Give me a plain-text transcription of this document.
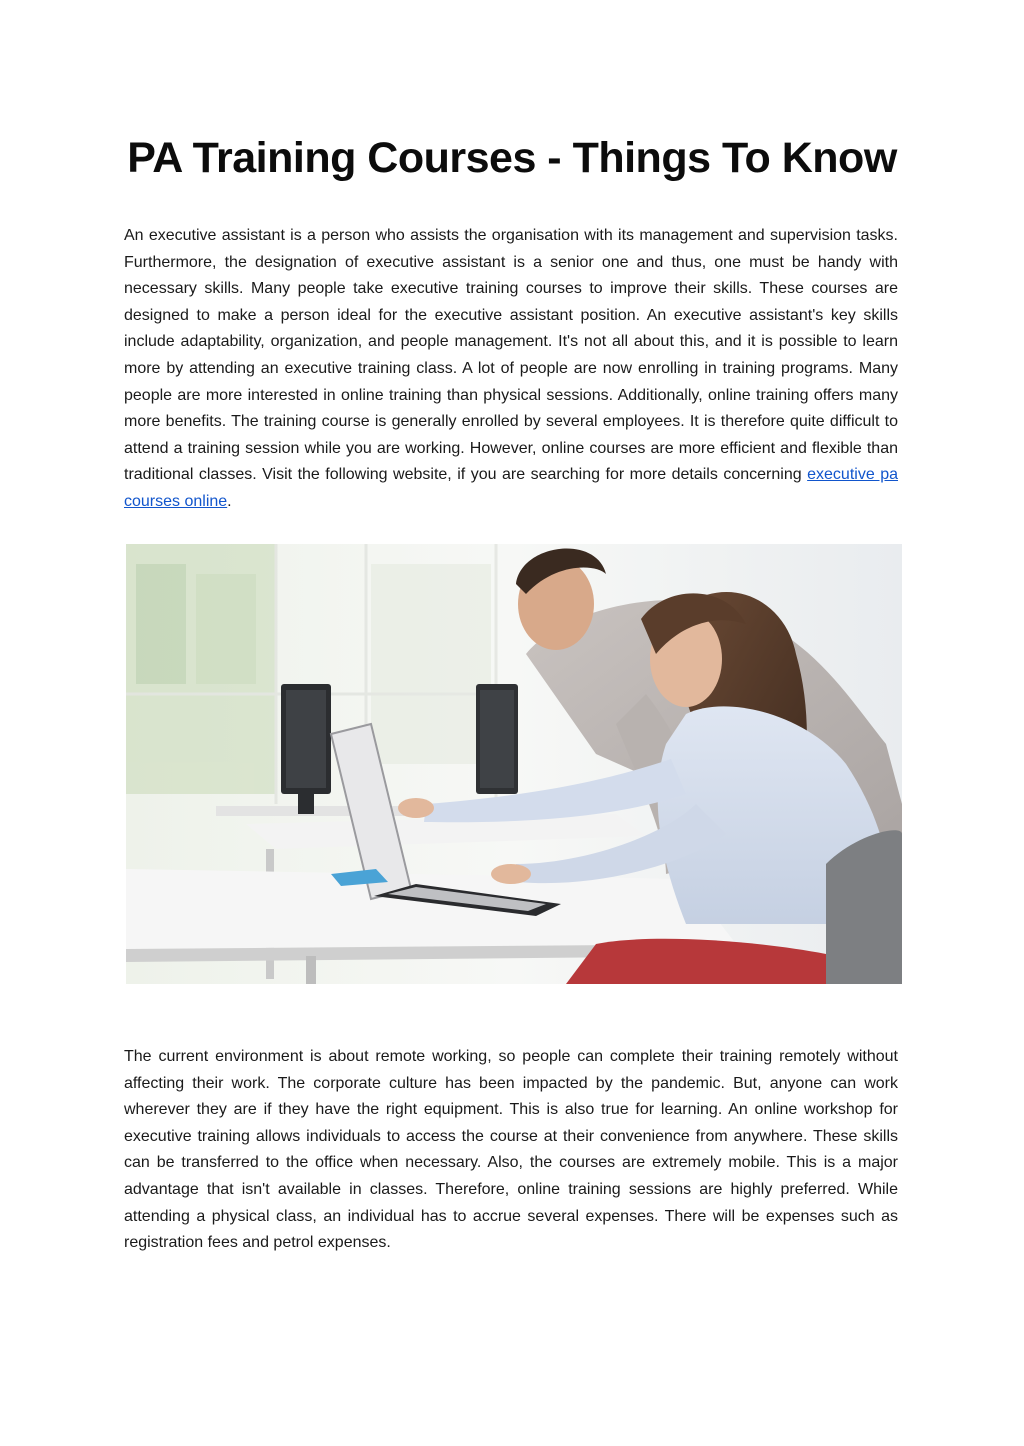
PA Training Courses - Things To Know

An executive assistant is a person who assists the organisation with its management and supervision tasks. Furthermore, the designation of executive assistant is a senior one and thus, one must be handy with necessary skills. Many people take executive training courses to improve their skills. These courses are designed to make a person ideal for the executive assistant position. An executive assistant's key skills include adaptability, organization, and people management. It's not all about this, and it is possible to learn more by attending an executive training class. A lot of people are now enrolling in training programs. Many people are more interested in online training than physical sessions. Additionally, online training offers many more benefits. The training course is generally enrolled by several employees. It is therefore quite difficult to attend a training session while you are working. However, online courses are more efficient and flexible than traditional classes. Visit the following website, if you are searching for more details concerning executive pa courses online.

The current environment is about remote working, so people can complete their training remotely without affecting their work. The corporate culture has been impacted by the pandemic. But, anyone can work wherever they are if they have the right equipment. This is also true for learning. An online workshop for executive training allows individuals to access the course at their convenience from anywhere. These skills can be transferred to the office when necessary. Also, the courses are extremely mobile. This is a major advantage that isn't available in classes. Therefore, online training sessions are highly preferred. While attending a physical class, an individual has to accrue several expenses. There will be expenses such as registration fees and petrol expenses.
